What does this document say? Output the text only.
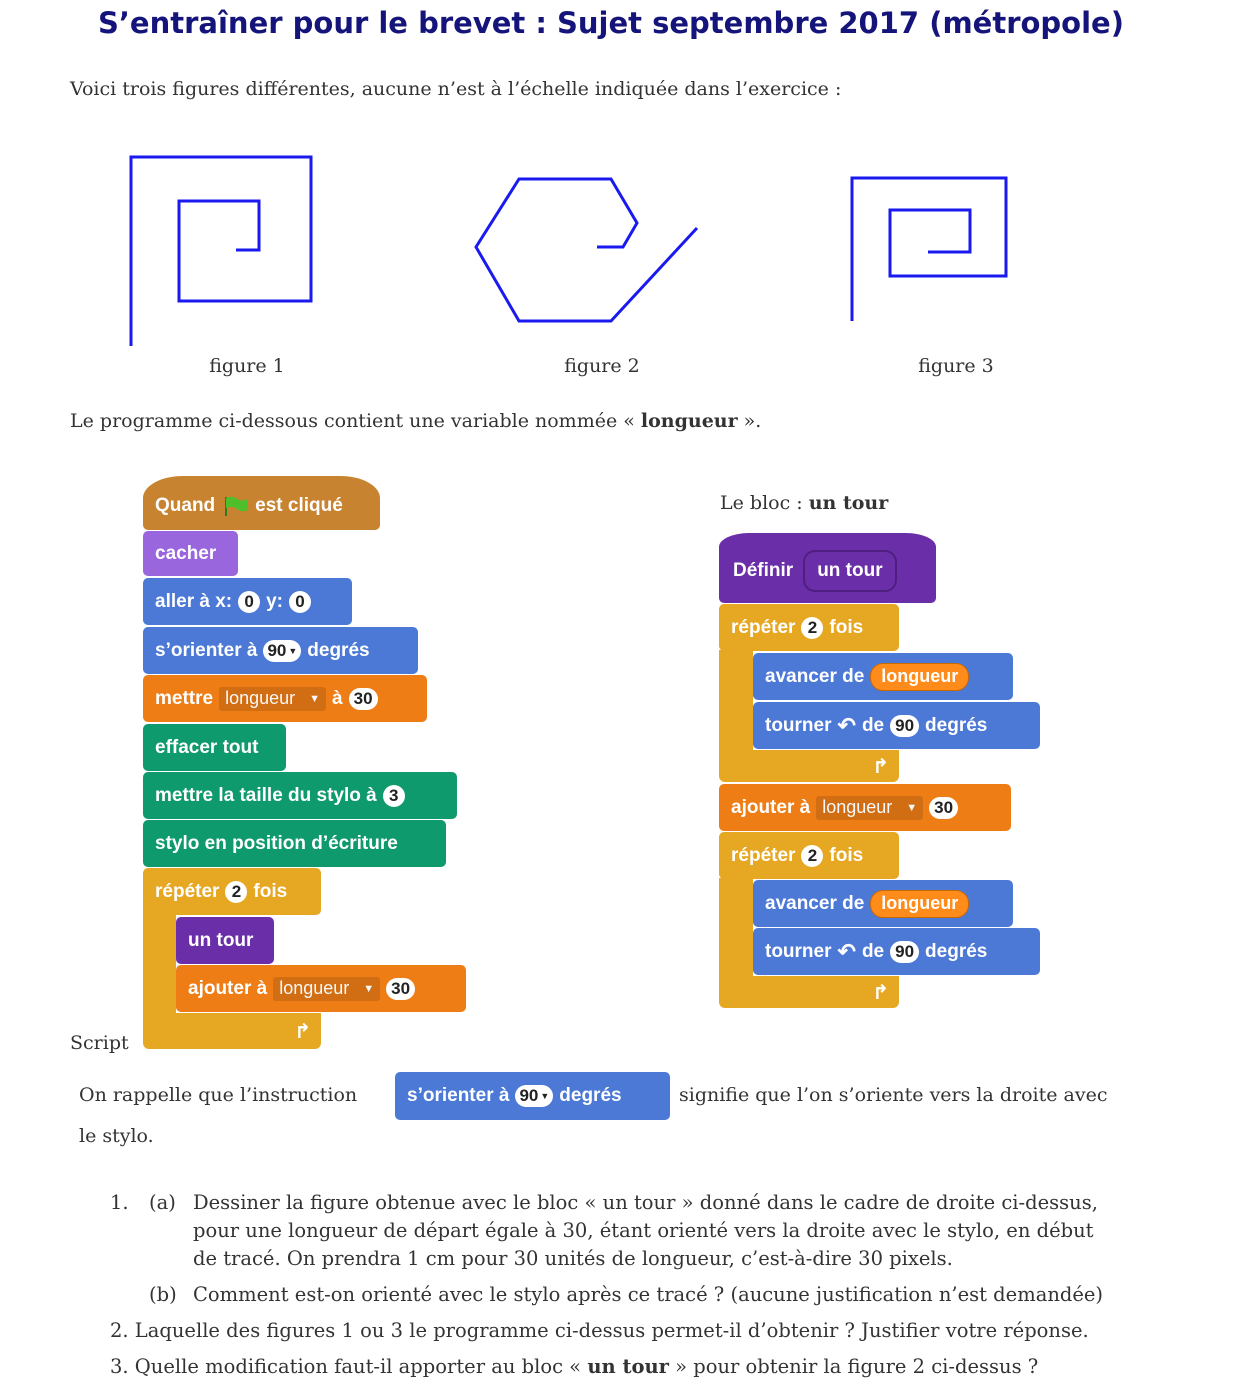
S’entraîner pour le brevet : Sujet septembre 2017 (métropole)
Voici trois figures différentes, aucune n’est à l’échelle indiquée dans l’exercice :
figure 1	figure 2	figure 3
Le programme ci-dessous contient une variable nommée « longueur ».
Quand est cliqué
cacher
aller à x: 0 y: 0
s’orienter à 90 ▼ degrés
mettre longueur ▼ à 30
effacer tout
mettre la taille du stylo à 3
stylo en position d’écriture
répéter 2 fois
un tour
ajouter à longueur ▼ 30
↱
Script
Le bloc : un tour
Définir	un tour
répéter 2 fois
avancer de longueur
tourner ↶ de 90 degrés
↱
ajouter à longueur ▼ 30
répéter 2 fois
avancer de longueur
tourner ↶ de 90 degrés
↱
On rappelle que l’instruction	s’orienter à 90 ▼ degrés	signifie que l’on s’oriente vers la droite avec
le stylo.
1. (a) Dessiner la figure obtenue avec le bloc « un tour » donné dans le cadre de droite ci-dessus,
pour une longueur de départ égale à 30, étant orienté vers la droite avec le stylo, en début
de tracé. On prendra 1 cm pour 30 unités de longueur, c’est-à-dire 30 pixels.
(b) Comment est-on orienté avec le stylo après ce tracé ? (aucune justification n’est demandée)
2. Laquelle des figures 1 ou 3 le programme ci-dessus permet-il d’obtenir ? Justifier votre réponse.
3. Quelle modification faut-il apporter au bloc « un tour » pour obtenir la figure 2 ci-dessus ?
